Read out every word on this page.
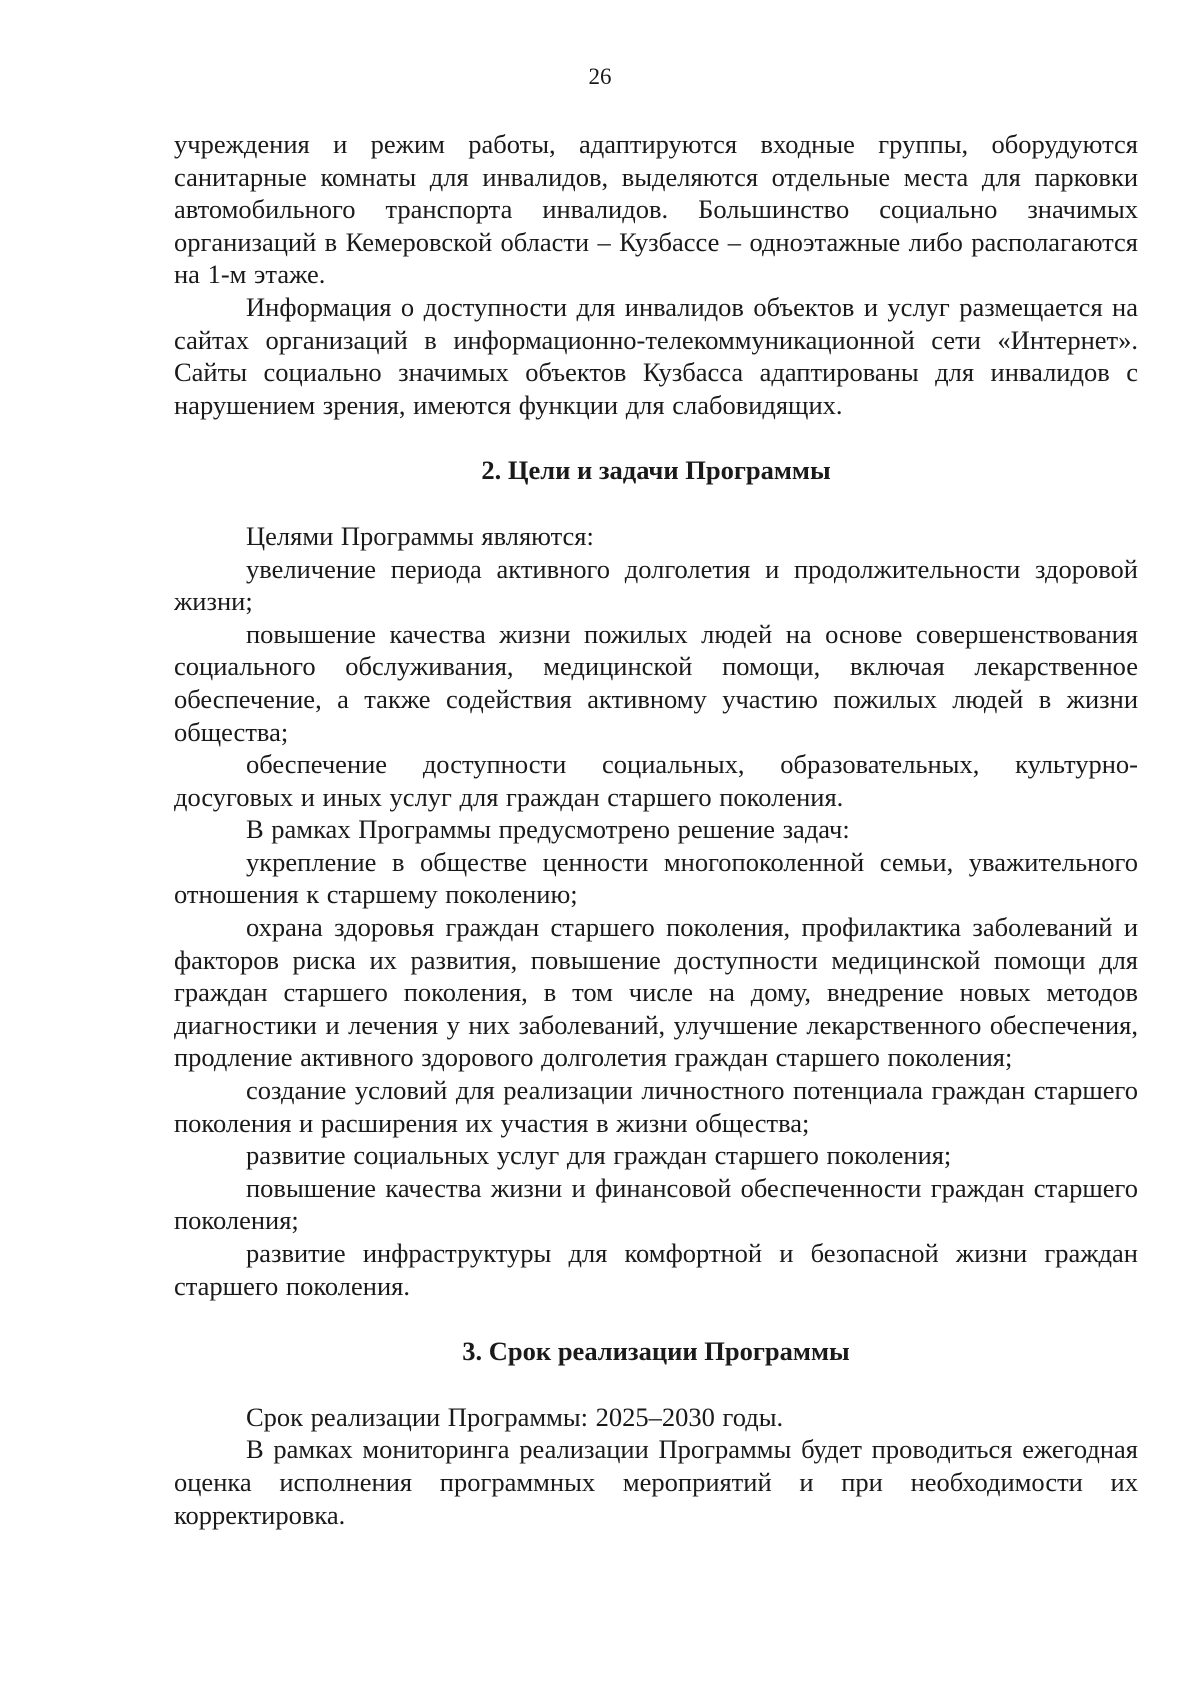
26

учреждения и режим работы, адаптируются входные группы, оборудуются санитарные комнаты для инвалидов, выделяются отдельные места для парковки автомобильного транспорта инвалидов. Большинство социально значимых организаций в Кемеровской области – Кузбассе – одноэтажные либо располагаются на 1-м этаже.

Информация о доступности для инвалидов объектов и услуг размещается на сайтах организаций в информационно-телекоммуникационной сети «Интернет». Сайты социально значимых объектов Кузбасса адаптированы для инвалидов с нарушением зрения, имеются функции для слабовидящих.

2. Цели и задачи Программы

Целями Программы являются:

увеличение периода активного долголетия и продолжительности здоровой жизни;

повышение качества жизни пожилых людей на основе совершенствования социального обслуживания, медицинской помощи, включая лекарственное обеспечение, а также содействия активному участию пожилых людей в жизни общества;

обеспечение доступности социальных, образовательных, культурно-досуговых и иных услуг для граждан старшего поколения.

В рамках Программы предусмотрено решение задач:

укрепление в обществе ценности многопоколенной семьи, уважительного отношения к старшему поколению;

охрана здоровья граждан старшего поколения, профилактика заболеваний и факторов риска их развития, повышение доступности медицинской помощи для граждан старшего поколения, в том числе на дому, внедрение новых методов диагностики и лечения у них заболеваний, улучшение лекарственного обеспечения, продление активного здорового долголетия граждан старшего поколения;

создание условий для реализации личностного потенциала граждан старшего поколения и расширения их участия в жизни общества;

развитие социальных услуг для граждан старшего поколения;

повышение качества жизни и финансовой обеспеченности граждан старшего поколения;

развитие инфраструктуры для комфортной и безопасной жизни граждан старшего поколения.

3. Срок реализации Программы

Срок реализации Программы: 2025–2030 годы.

В рамках мониторинга реализации Программы будет проводиться ежегодная оценка исполнения программных мероприятий и при необходимости их корректировка.
